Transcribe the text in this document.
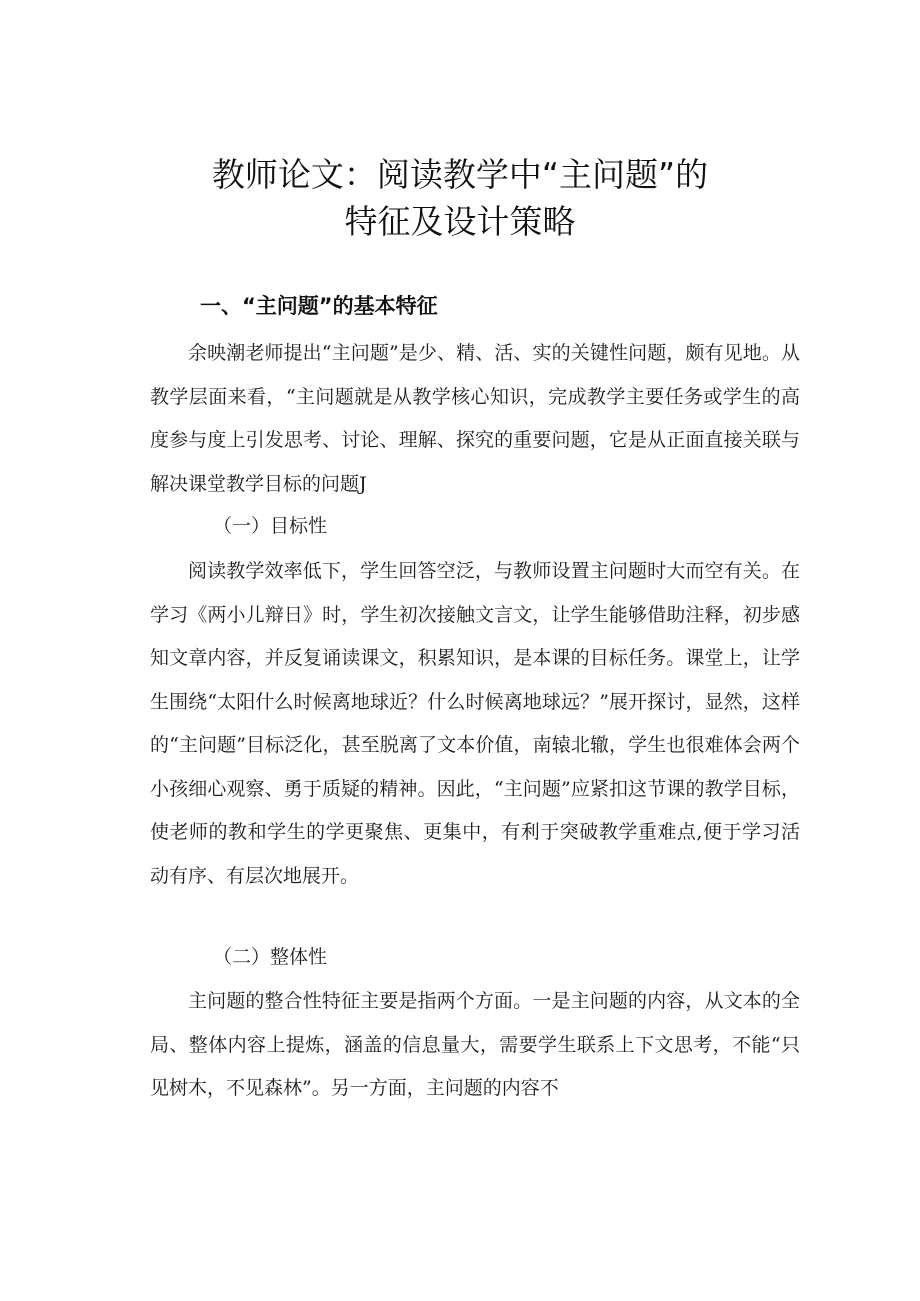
教师论文：阅读教学中“主问题”的
特征及设计策略
一、“主问题”的基本特征

余映潮老师提出“主问题”是少、精、活、实的关键性问题，颇有见地。从教学层面来看，“主问题就是从教学核心知识，完成教学主要任务或学生的高度参与度上引发思考、讨论、理解、探究的重要问题，它是从正面直接关联与解决课堂教学目标的问题J

（一）目标性

阅读教学效率低下，学生回答空泛，与教师设置主问题时大而空有关。在学习《两小儿辩日》时，学生初次接触文言文，让学生能够借助注释，初步感知文章内容，并反复诵读课文，积累知识，是本课的目标任务。课堂上，让学生围绕“太阳什么时候离地球近？什么时候离地球远？”展开探讨，显然，这样的“主问题”目标泛化，甚至脱离了文本价值，南辕北辙，学生也很难体会两个小孩细心观察、勇于质疑的精神。因此，“主问题”应紧扣这节课的教学目标，使老师的教和学生的学更聚焦、更集中，有利于突破教学重难点,便于学习活动有序、有层次地展开。

（二）整体性

主问题的整合性特征主要是指两个方面。一是主问题的内容，从文本的全局、整体内容上提炼，涵盖的信息量大，需要学生联系上下文思考，不能“只见树木，不见森林”。另一方面，主问题的内容不
